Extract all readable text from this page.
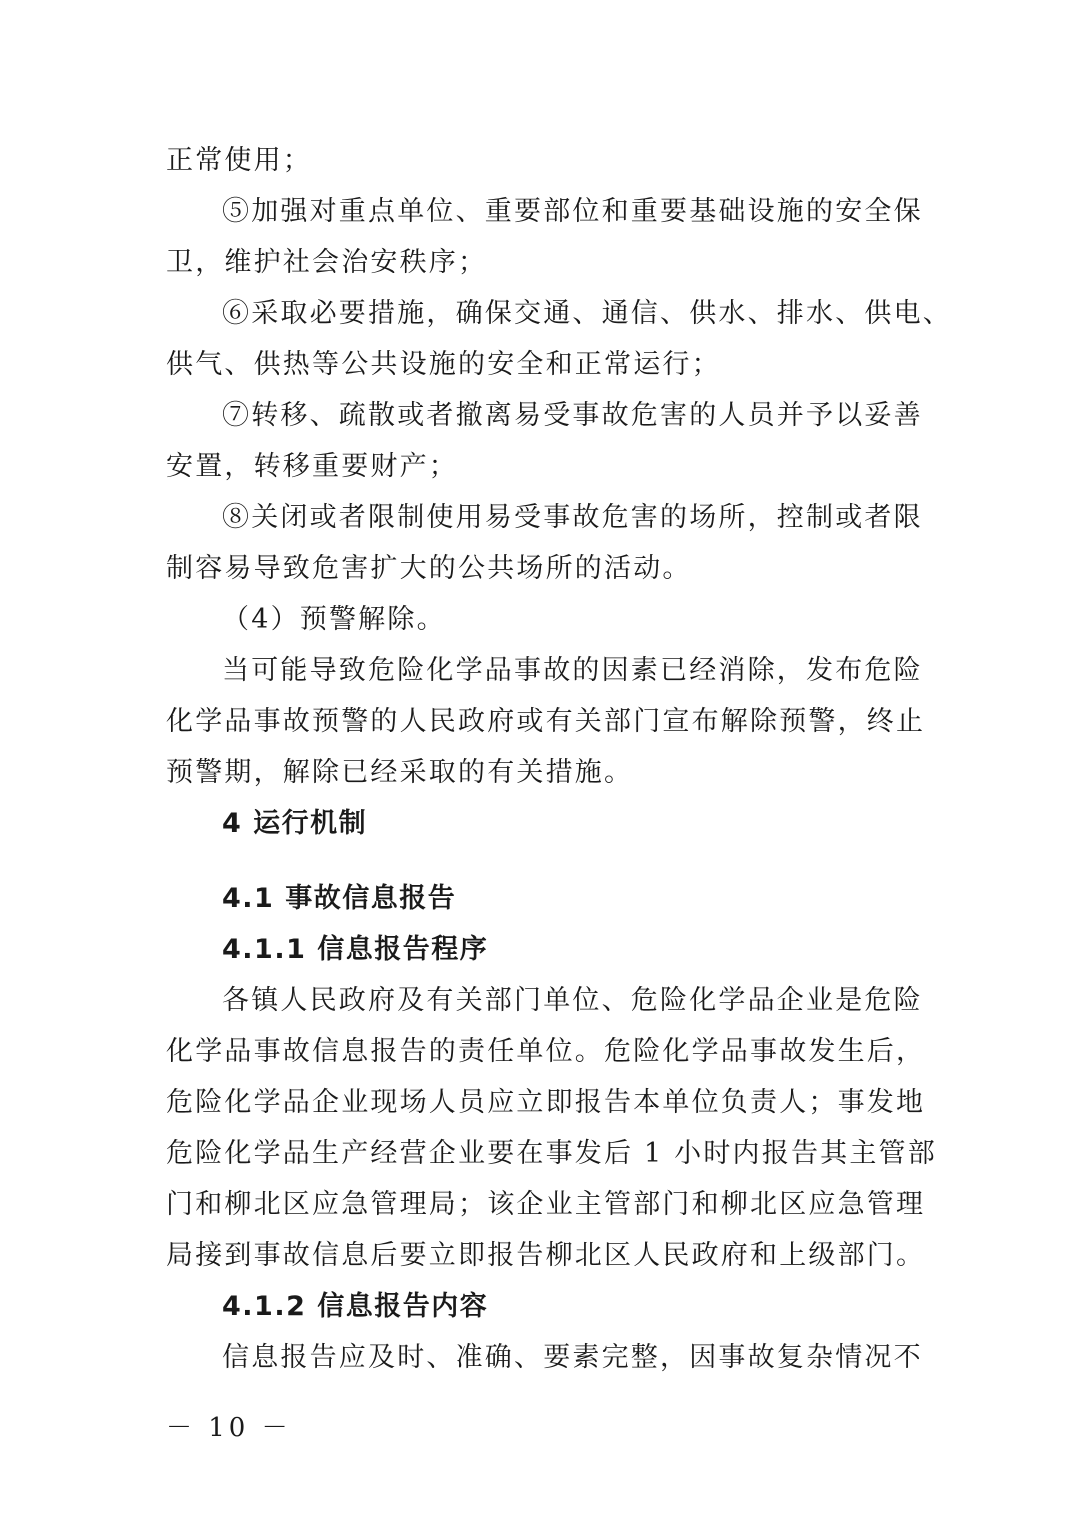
正常使用；
⑤加强对重点单位、重要部位和重要基础设施的安全保
卫，维护社会治安秩序；
⑥采取必要措施，确保交通、通信、供水、排水、供电、
供气、供热等公共设施的安全和正常运行；
⑦转移、疏散或者撤离易受事故危害的人员并予以妥善
安置，转移重要财产；
⑧关闭或者限制使用易受事故危害的场所，控制或者限
制容易导致危害扩大的公共场所的活动。
（4）预警解除。
当可能导致危险化学品事故的因素已经消除，发布危险
化学品事故预警的人民政府或有关部门宣布解除预警，终止
预警期，解除已经采取的有关措施。
4 运行机制
4.1 事故信息报告
4.1.1 信息报告程序
各镇人民政府及有关部门单位、危险化学品企业是危险
化学品事故信息报告的责任单位。危险化学品事故发生后，
危险化学品企业现场人员应立即报告本单位负责人；事发地
危险化学品生产经营企业要在事发后 1 小时内报告其主管部
门和柳北区应急管理局；该企业主管部门和柳北区应急管理
局接到事故信息后要立即报告柳北区人民政府和上级部门。
4.1.2 信息报告内容
信息报告应及时、准确、要素完整，因事故复杂情况不
－ 10 －
